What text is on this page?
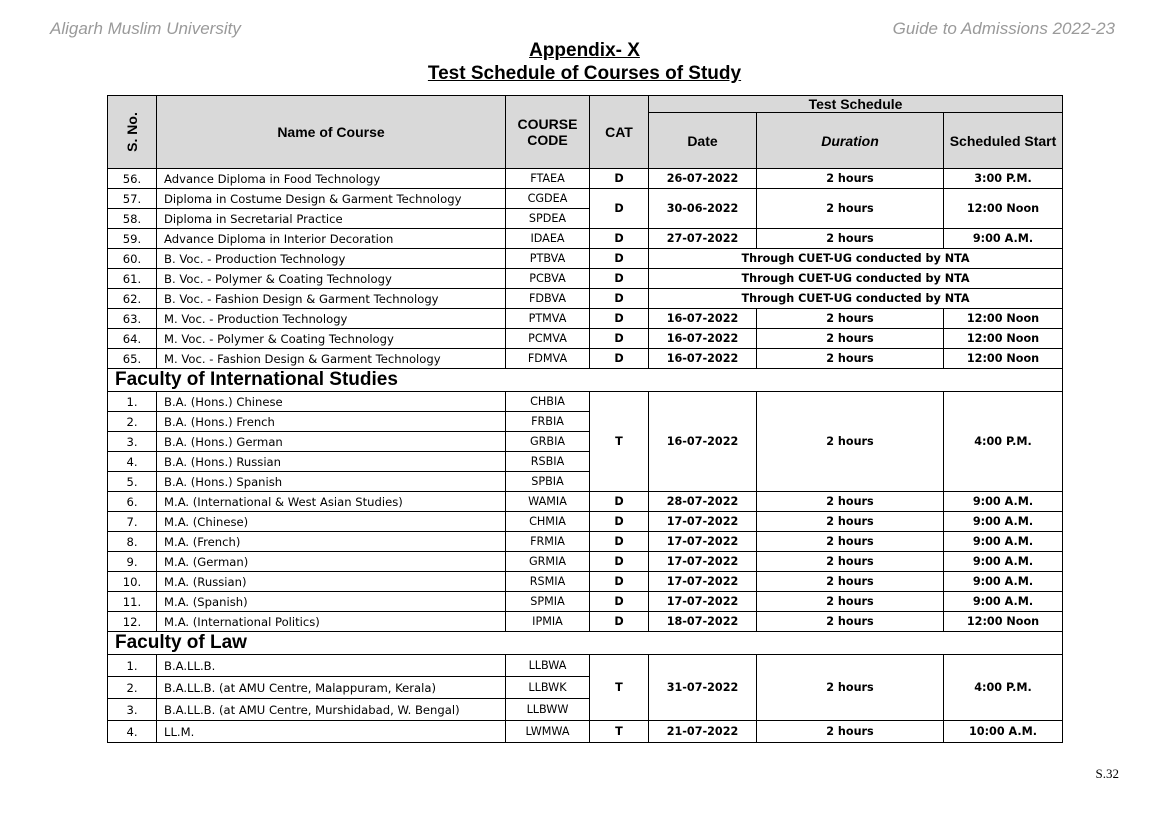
Aligarh Muslim University	Guide to Admissions 2022-23
Appendix- X
Test Schedule of Courses of Study
S. No.	Name of Course	COURSE CODE	CAT	Test Schedule		
				Date	Duration	Scheduled Start
56.	Advance Diploma in Food Technology	FTAEA	D	26-07-2022	2 hours	3:00 P.M.
57.	Diploma in Costume Design & Garment Technology	CGDEA	D	30-06-2022	2 hours	12:00 Noon
58.	Diploma in Secretarial Practice	SPDEA				
59.	Advance Diploma in Interior Decoration	IDAEA	D	27-07-2022	2 hours	9:00 A.M.
60.	B. Voc. - Production Technology	PTBVA	D	Through CUET-UG conducted by NTA		
61.	B. Voc. - Polymer & Coating Technology	PCBVA	D	Through CUET-UG conducted by NTA		
62.	B. Voc. - Fashion Design & Garment Technology	FDBVA	D	Through CUET-UG conducted by NTA		
63.	M. Voc. - Production Technology	PTMVA	D	16-07-2022	2 hours	12:00 Noon
64.	M. Voc. - Polymer & Coating Technology	PCMVA	D	16-07-2022	2 hours	12:00 Noon
65.	M. Voc. - Fashion Design & Garment Technology	FDMVA	D	16-07-2022	2 hours	12:00 Noon
Faculty of International Studies						
1.	B.A. (Hons.) Chinese	CHBIA	T	16-07-2022	2 hours	4:00 P.M.
2.	B.A. (Hons.) French	FRBIA				
3.	B.A. (Hons.) German	GRBIA				
4.	B.A. (Hons.) Russian	RSBIA				
5.	B.A. (Hons.) Spanish	SPBIA				
6.	M.A. (International & West Asian Studies)	WAMIA	D	28-07-2022	2 hours	9:00 A.M.
7.	M.A. (Chinese)	CHMIA	D	17-07-2022	2 hours	9:00 A.M.
8.	M.A. (French)	FRMIA	D	17-07-2022	2 hours	9:00 A.M.
9.	M.A. (German)	GRMIA	D	17-07-2022	2 hours	9:00 A.M.
10.	M.A. (Russian)	RSMIA	D	17-07-2022	2 hours	9:00 A.M.
11.	M.A. (Spanish)	SPMIA	D	17-07-2022	2 hours	9:00 A.M.
12.	M.A. (International Politics)	IPMIA	D	18-07-2022	2 hours	12:00 Noon
Faculty of Law						
1.	B.A.LL.B.	LLBWA	T	31-07-2022	2 hours	4:00 P.M.
2.	B.A.LL.B. (at AMU Centre, Malappuram, Kerala)	LLBWK				
3.	B.A.LL.B. (at AMU Centre, Murshidabad, W. Bengal)	LLBWW				
4.	LL.M.	LWMWA	T	21-07-2022	2 hours	10:00 A.M.
S.32
